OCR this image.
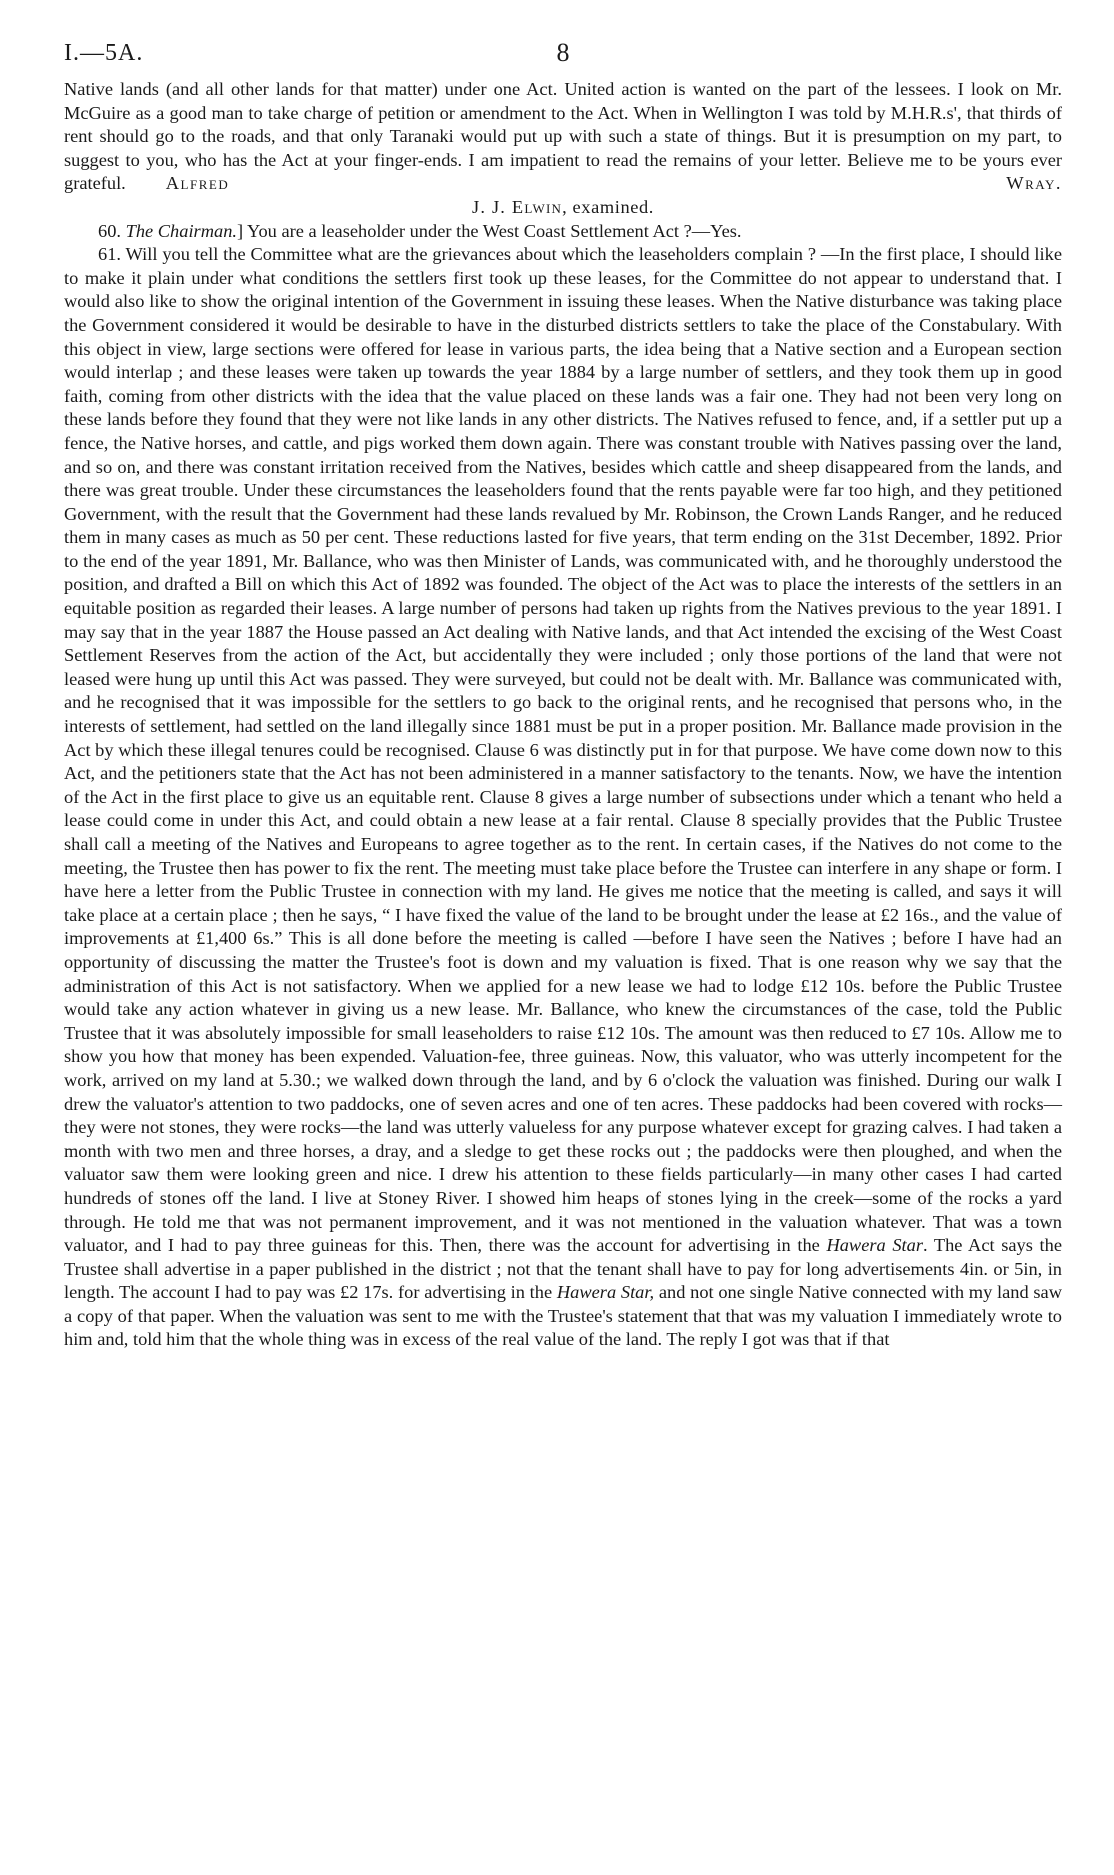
I.—5A.	8

Native lands (and all other lands for that matter) under one Act. United action is wanted on the part of the lessees. I look on Mr. McGuire as a good man to take charge of petition or amendment to the Act. When in Wellington I was told by M.H.R.s', that thirds of rent should go to the roads, and that only Taranaki would put up with such a state of things. But it is presumption on my part, to suggest to you, who has the Act at your finger-ends. I am impatient to read the remains of your letter. Believe me to be yours ever grateful. Alfred Wray.

J. J. Elwin, examined.

60. The Chairman.] You are a leaseholder under the West Coast Settlement Act ?—Yes.

61. Will you tell the Committee what are the grievances about which the leaseholders complain ? —In the first place, I should like to make it plain under what conditions the settlers first took up these leases, for the Committee do not appear to understand that. I would also like to show the original intention of the Government in issuing these leases. When the Native disturbance was taking place the Government considered it would be desirable to have in the disturbed districts settlers to take the place of the Constabulary. With this object in view, large sections were offered for lease in various parts, the idea being that a Native section and a European section would interlap ; and these leases were taken up towards the year 1884 by a large number of settlers, and they took them up in good faith, coming from other districts with the idea that the value placed on these lands was a fair one. They had not been very long on these lands before they found that they were not like lands in any other districts. The Natives refused to fence, and, if a settler put up a fence, the Native horses, and cattle, and pigs worked them down again. There was constant trouble with Natives passing over the land, and so on, and there was constant irritation received from the Natives, besides which cattle and sheep disappeared from the lands, and there was great trouble. Under these circumstances the leaseholders found that the rents payable were far too high, and they petitioned Government, with the result that the Government had these lands revalued by Mr. Robinson, the Crown Lands Ranger, and he reduced them in many cases as much as 50 per cent. These reductions lasted for five years, that term ending on the 31st December, 1892. Prior to the end of the year 1891, Mr. Ballance, who was then Minister of Lands, was communicated with, and he thoroughly understood the position, and drafted a Bill on which this Act of 1892 was founded. The object of the Act was to place the interests of the settlers in an equitable position as regarded their leases. A large number of persons had taken up rights from the Natives previous to the year 1891. I may say that in the year 1887 the House passed an Act dealing with Native lands, and that Act intended the excising of the West Coast Settlement Reserves from the action of the Act, but accidentally they were included ; only those portions of the land that were not leased were hung up until this Act was passed. They were surveyed, but could not be dealt with. Mr. Ballance was communicated with, and he recognised that it was impossible for the settlers to go back to the original rents, and he recognised that persons who, in the interests of settlement, had settled on the land illegally since 1881 must be put in a proper position. Mr. Ballance made provision in the Act by which these illegal tenures could be recognised. Clause 6 was distinctly put in for that purpose. We have come down now to this Act, and the petitioners state that the Act has not been administered in a manner satisfactory to the tenants. Now, we have the intention of the Act in the first place to give us an equitable rent. Clause 8 gives a large number of subsections under which a tenant who held a lease could come in under this Act, and could obtain a new lease at a fair rental. Clause 8 specially provides that the Public Trustee shall call a meeting of the Natives and Europeans to agree together as to the rent. In certain cases, if the Natives do not come to the meeting, the Trustee then has power to fix the rent. The meeting must take place before the Trustee can interfere in any shape or form. I have here a letter from the Public Trustee in connection with my land. He gives me notice that the meeting is called, and says it will take place at a certain place ; then he says, “ I have fixed the value of the land to be brought under the lease at £2 16s., and the value of improvements at £1,400 6s.” This is all done before the meeting is called —before I have seen the Natives ; before I have had an opportunity of discussing the matter the Trustee's foot is down and my valuation is fixed. That is one reason why we say that the administration of this Act is not satisfactory. When we applied for a new lease we had to lodge £12 10s. before the Public Trustee would take any action whatever in giving us a new lease. Mr. Ballance, who knew the circumstances of the case, told the Public Trustee that it was absolutely impossible for small leaseholders to raise £12 10s. The amount was then reduced to £7 10s. Allow me to show you how that money has been expended. Valuation-fee, three guineas. Now, this valuator, who was utterly incompetent for the work, arrived on my land at 5.30.; we walked down through the land, and by 6 o'clock the valuation was finished. During our walk I drew the valuator's attention to two paddocks, one of seven acres and one of ten acres. These paddocks had been covered with rocks—they were not stones, they were rocks—the land was utterly valueless for any purpose whatever except for grazing calves. I had taken a month with two men and three horses, a dray, and a sledge to get these rocks out ; the paddocks were then ploughed, and when the valuator saw them were looking green and nice. I drew his attention to these fields particularly—in many other cases I had carted hundreds of stones off the land. I live at Stoney River. I showed him heaps of stones lying in the creek—some of the rocks a yard through. He told me that was not permanent improvement, and it was not mentioned in the valuation whatever. That was a town valuator, and I had to pay three guineas for this. Then, there was the account for advertising in the Hawera Star. The Act says the Trustee shall advertise in a paper published in the district ; not that the tenant shall have to pay for long advertisements 4in. or 5in, in length. The account I had to pay was £2 17s. for advertising in the Hawera Star, and not one single Native connected with my land saw a copy of that paper. When the valuation was sent to me with the Trustee's statement that that was my valuation I immediately wrote to him and, told him that the whole thing was in excess of the real value of the land. The reply I got was that if that
